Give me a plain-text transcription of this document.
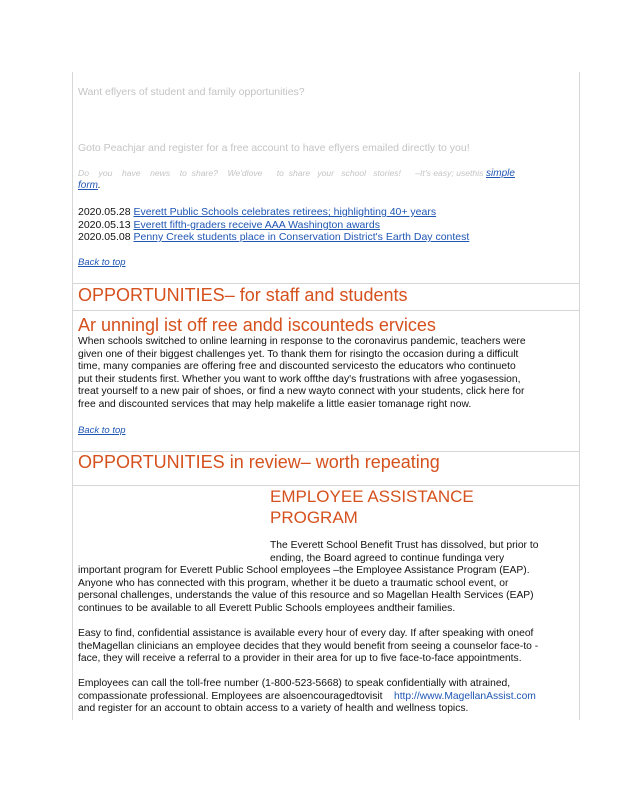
Want eflyers of student and family opportunities?
Goto Peachjar and register for a free account to have eflyers emailed directly to you!
Do    you    have    news    to  share?    We'dlove      to  share   your   school   stories!      –It’s easy; usethis simple
form.
2020.05.28 Everett Public Schools celebrates retirees; highlighting 40+ years
2020.05.13 Everett fifth-graders receive AAA Washington awards
2020.05.08 Penny Creek students place in Conservation District's Earth Day contest
Back to top
OPPORTUNITIES– for staff and students
Ar unningl ist off ree andd iscounteds ervices
When schools switched to online learning in response to the coronavirus pandemic, teachers were
given one of their biggest challenges yet. To thank them for risingto the occasion during a difficult
time, many companies are offering free and discounted servicesto the educators who continueto
put their students first. Whether you want to work offthe day's frustrations with afree yogasession,
treat yourself to a new pair of shoes, or find a new wayto connect with your students, click here for
free and discounted services that may help makelife a little easier tomanage right now.
Back to top
OPPORTUNITIES in review– worth repeating
EMPLOYEE ASSISTANCE
PROGRAM
The Everett School Benefit Trust has dissolved, but prior to
ending, the Board agreed to continue fundinga very
important program for Everett Public School employees –the Employee Assistance Program (EAP).
Anyone who has connected with this program, whether it be dueto a traumatic school event, or
personal challenges, understands the value of this resource and so Magellan Health Services (EAP)
continues to be available to all Everett Public Schools employees andtheir families.
Easy to find, confidential assistance is available every hour of every day. If after speaking with oneof
theMagellan clinicians an employee decides that they would benefit from seeing a counselor face-to -
face, they will receive a referral to a provider in their area for up to five face-to-face appointments.
Employees can call the toll-free number (1-800-523-5668) to speak confidentially with atrained,
compassionate professional. Employees are alsoencouragedtovisit http://www.MagellanAssist.com
and register for an account to obtain access to a variety of health and wellness topics.
